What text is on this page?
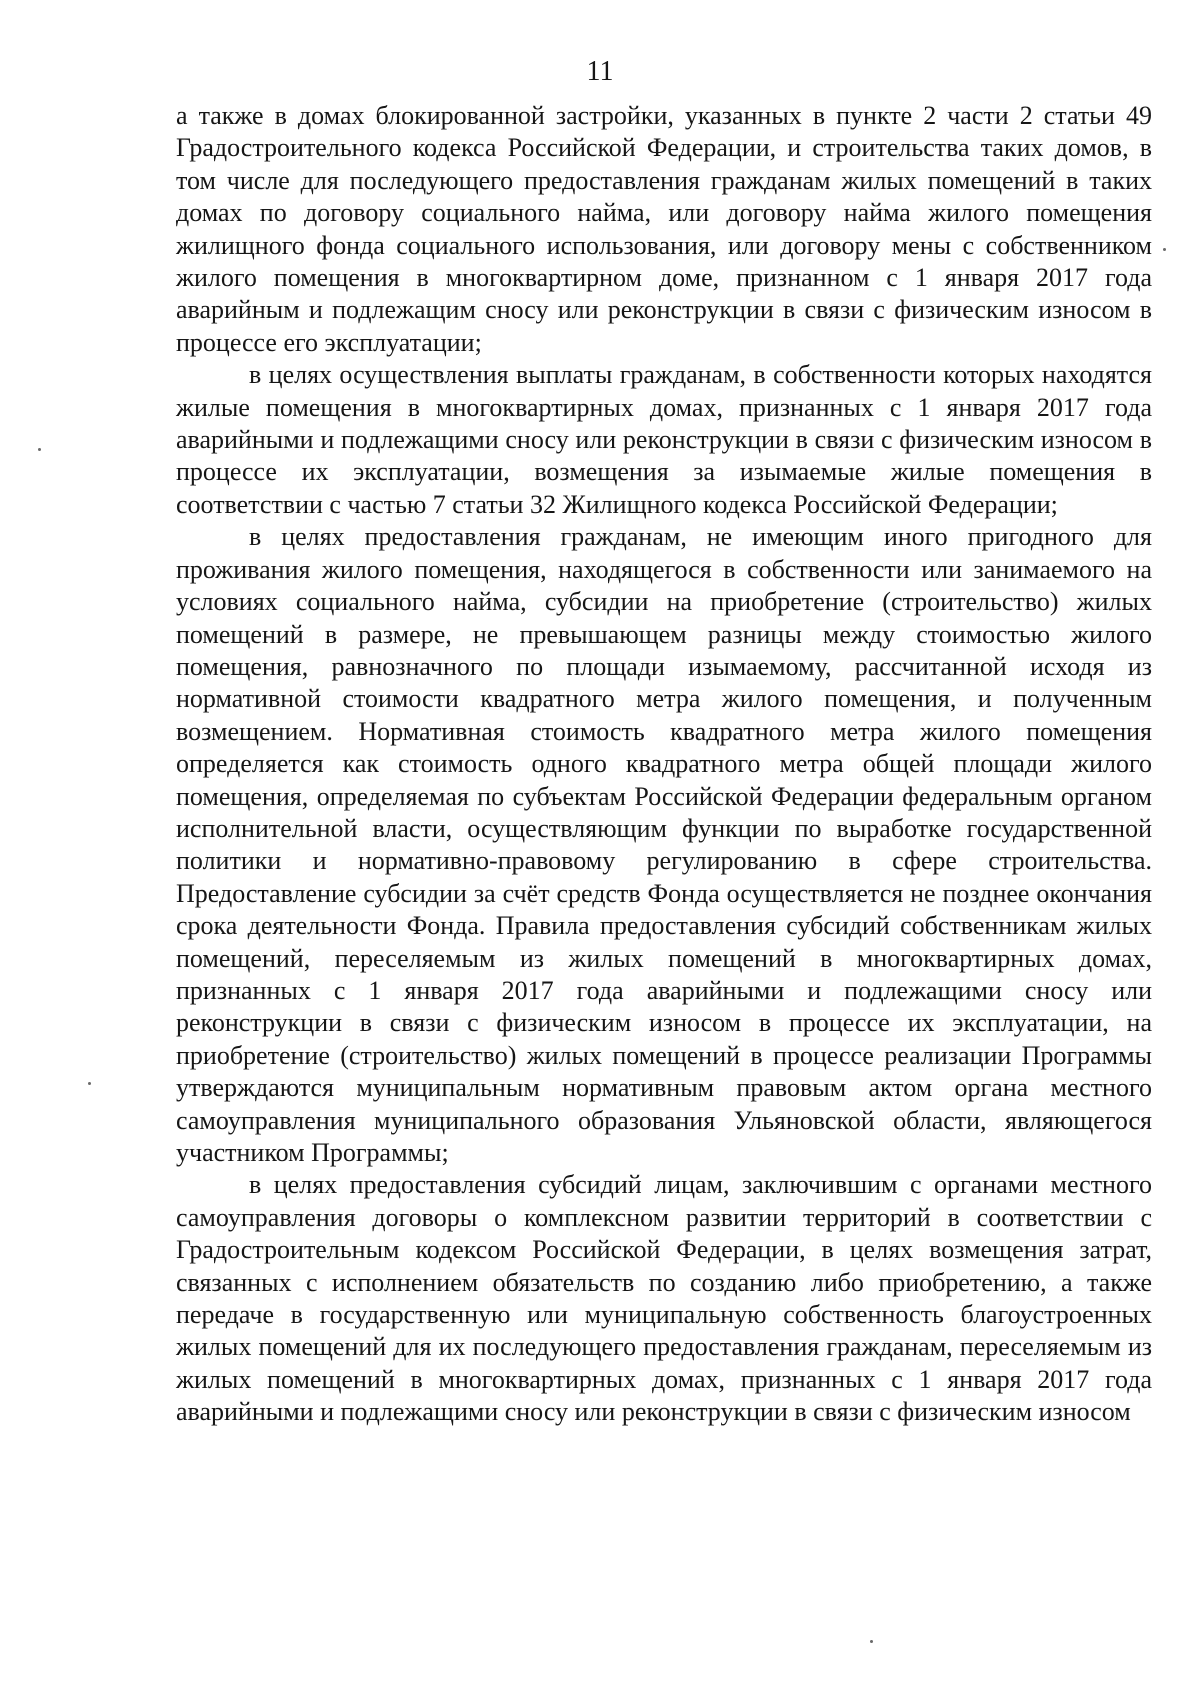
11

а также в домах блокированной застройки, указанных в пункте 2 части 2 статьи 49 Градостроительного кодекса Российской Федерации, и строительства таких домов, в том числе для последующего предоставления гражданам жилых помещений в таких домах по договору социального найма, или договору найма жилого помещения жилищного фонда социального использования, или договору мены с собственником жилого помещения в многоквартирном доме, признанном с 1 января 2017 года аварийным и подлежащим сносу или реконструкции в связи с физическим износом в процессе его эксплуатации;

в целях осуществления выплаты гражданам, в собственности которых находятся жилые помещения в многоквартирных домах, признанных с 1 января 2017 года аварийными и подлежащими сносу или реконструкции в связи с физическим износом в процессе их эксплуатации, возмещения за изымаемые жилые помещения в соответствии с частью 7 статьи 32 Жилищного кодекса Российской Федерации;

в целях предоставления гражданам, не имеющим иного пригодного для проживания жилого помещения, находящегося в собственности или занимаемого на условиях социального найма, субсидии на приобретение (строительство) жилых помещений в размере, не превышающем разницы между стоимостью жилого помещения, равнозначного по площади изымаемому, рассчитанной исходя из нормативной стоимости квадратного метра жилого помещения, и полученным возмещением. Нормативная стоимость квадратного метра жилого помещения определяется как стоимость одного квадратного метра общей площади жилого помещения, определяемая по субъектам Российской Федерации федеральным органом исполнительной власти, осуществляющим функции по выработке государственной политики и нормативно-правовому регулированию в сфере строительства. Предоставление субсидии за счёт средств Фонда осуществляется не позднее окончания срока деятельности Фонда. Правила предоставления субсидий собственникам жилых помещений, переселяемым из жилых помещений в многоквартирных домах, признанных с 1 января 2017 года аварийными и подлежащими сносу или реконструкции в связи с физическим износом в процессе их эксплуатации, на приобретение (строительство) жилых помещений в процессе реализации Программы утверждаются муниципальным нормативным правовым актом органа местного самоуправления муниципального образования Ульяновской области, являющегося участником Программы;

в целях предоставления субсидий лицам, заключившим с органами местного самоуправления договоры о комплексном развитии территорий в соответствии с Градостроительным кодексом Российской Федерации, в целях возмещения затрат, связанных с исполнением обязательств по созданию либо приобретению, а также передаче в государственную или муниципальную собственность благоустроенных жилых помещений для их последующего предоставления гражданам, переселяемым из жилых помещений в многоквартирных домах, признанных с 1 января 2017 года аварийными и подлежащими сносу или реконструкции в связи с физическим износом
